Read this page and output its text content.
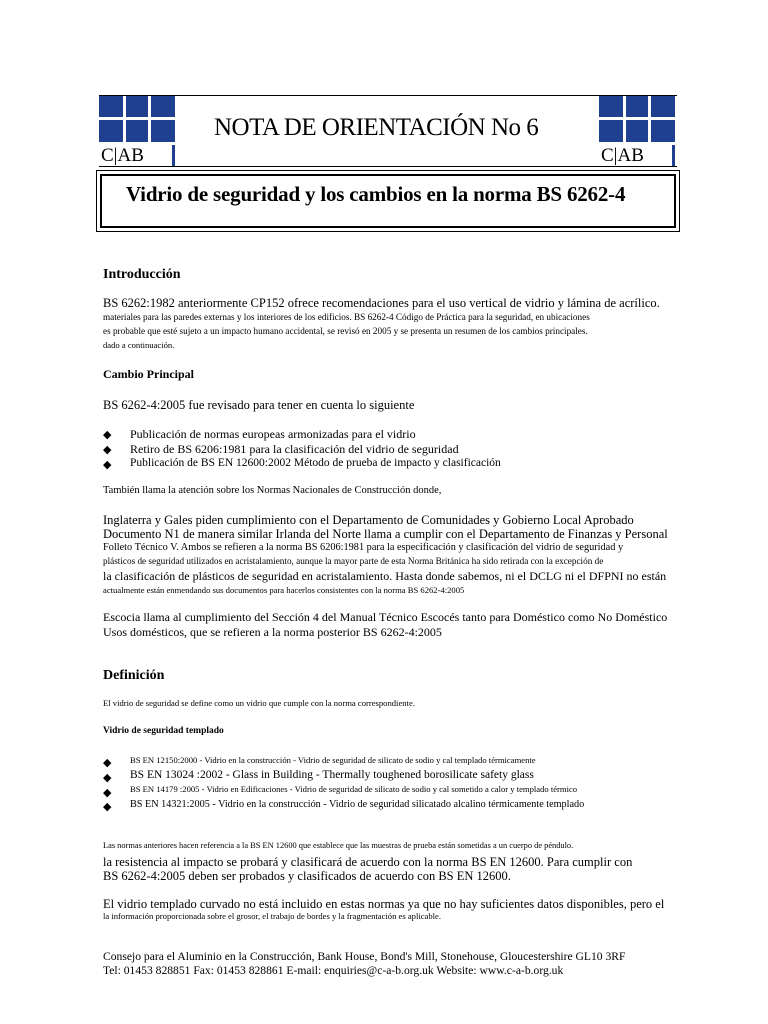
C|AB	C|AB
NOTA DE ORIENTACIÓN No 6
Vidrio de seguridad y los cambios en la norma BS 6262-4
Introducción
BS 6262:1982 anteriormente CP152 ofrece recomendaciones para el uso vertical de vidrio y lámina de acrílico.
materiales para las paredes externas y los interiores de los edificios. BS 6262-4 Código de Práctica para la seguridad, en ubicaciones
es probable que esté sujeto a un impacto humano accidental, se revisó en 2005 y se presenta un resumen de los cambios principales.
dado a continuación.
Cambio Principal
BS 6262-4:2005 fue revisado para tener en cuenta lo siguiente
◆ Publicación de normas europeas armonizadas para el vidrio
◆ Retiro de BS 6206:1981 para la clasificación del vidrio de seguridad
◆ Publicación de BS EN 12600:2002 Método de prueba de impacto y clasificación
También llama la atención sobre los Normas Nacionales de Construcción donde,
Inglaterra y Gales piden cumplimiento con el Departamento de Comunidades y Gobierno Local Aprobado
Documento N1 de manera similar Irlanda del Norte llama a cumplir con el Departamento de Finanzas y Personal
Folleto Técnico V. Ambos se refieren a la norma BS 6206:1981 para la especificación y clasificación del vidrio de seguridad y
plásticos de seguridad utilizados en acristalamiento, aunque la mayor parte de esta Norma Británica ha sido retirada con la excepción de
la clasificación de plásticos de seguridad en acristalamiento. Hasta donde sabemos, ni el DCLG ni el DFPNI no están
actualmente están enmendando sus documentos para hacerlos consistentes con la norma BS 6262-4:2005
Escocia llama al cumplimiento del Sección 4 del Manual Técnico Escocés tanto para Doméstico como No Doméstico
Usos domésticos, que se refieren a la norma posterior BS 6262-4:2005
Definición
El vidrio de seguridad se define como un vidrio que cumple con la norma correspondiente.
Vidrio de seguridad templado
◆ BS EN 12150:2000 - Vidrio en la construcción - Vidrio de seguridad de silicato de sodio y cal templado térmicamente
◆ BS EN 13024 :2002 - Glass in Building - Thermally toughened borosilicate safety glass
◆ BS EN 14179 :2005 - Vidrio en Edificaciones - Vidrio de seguridad de silicato de sodio y cal sometido a calor y templado térmico
◆ BS EN 14321:2005 - Vidrio en la construcción - Vidrio de seguridad silicatado alcalino térmicamente templado
Las normas anteriores hacen referencia a la BS EN 12600 que establece que las muestras de prueba están sometidas a un cuerpo de péndulo.
la resistencia al impacto se probará y clasificará de acuerdo con la norma BS EN 12600. Para cumplir con
BS 6262-4:2005 deben ser probados y clasificados de acuerdo con BS EN 12600.
El vidrio templado curvado no está incluido en estas normas ya que no hay suficientes datos disponibles, pero el
la información proporcionada sobre el grosor, el trabajo de bordes y la fragmentación es aplicable.
Consejo para el Aluminio en la Construcción, Bank House, Bond's Mill, Stonehouse, Gloucestershire GL10 3RF
Tel: 01453 828851 Fax: 01453 828861 E-mail: enquiries@c-a-b.org.uk Website: www.c-a-b.org.uk
